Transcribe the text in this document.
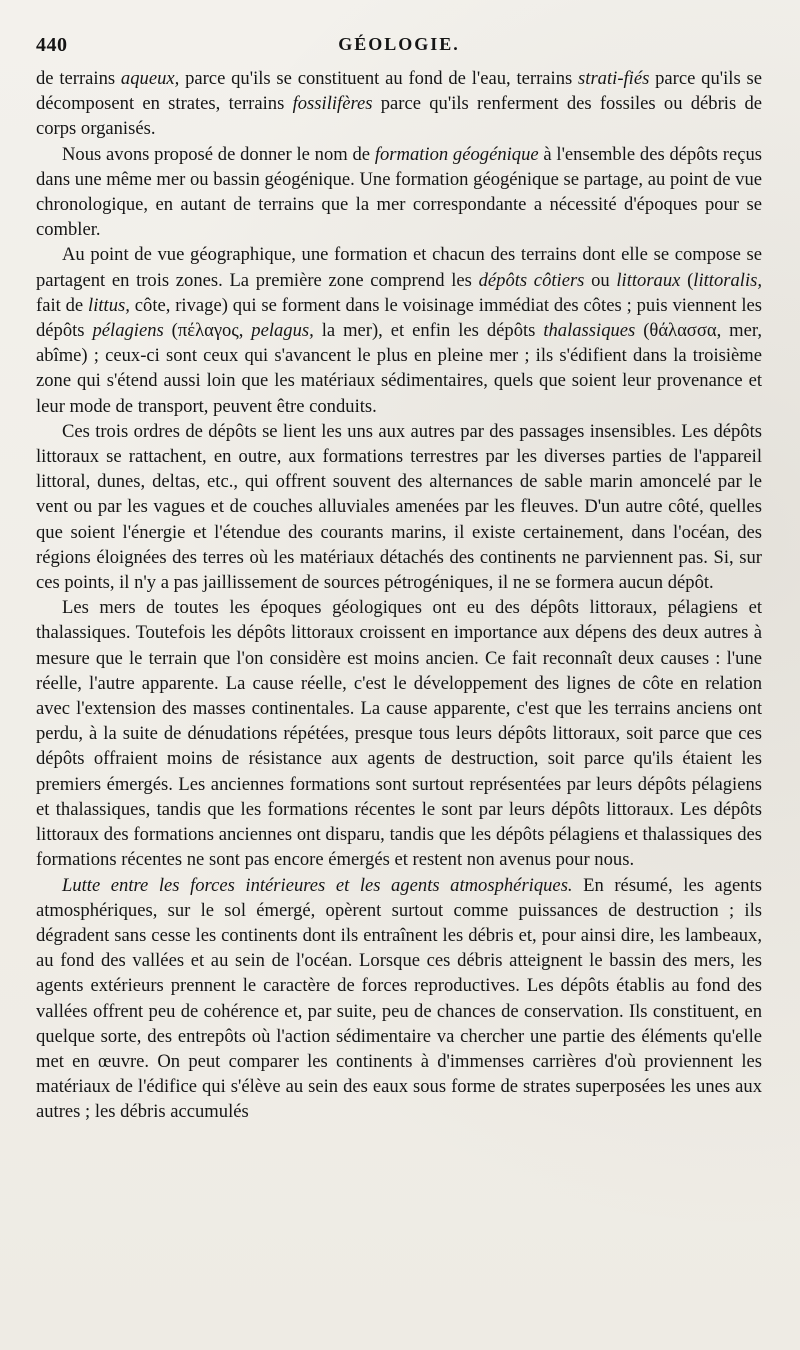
440	GÉOLOGIE.

de terrains aqueux, parce qu'ils se constituent au fond de l'eau, terrains strati-fiés parce qu'ils se décomposent en strates, terrains fossilifères parce qu'ils renferment des fossiles ou débris de corps organisés.

Nous avons proposé de donner le nom de formation géogénique à l'ensemble des dépôts reçus dans une même mer ou bassin géogénique. Une formation géogénique se partage, au point de vue chronologique, en autant de terrains que la mer correspondante a nécessité d'époques pour se combler.

Au point de vue géographique, une formation et chacun des terrains dont elle se compose se partagent en trois zones. La première zone comprend les dépôts côtiers ou littoraux (littoralis, fait de littus, côte, rivage) qui se forment dans le voisinage immédiat des côtes ; puis viennent les dépôts pélagiens (πέλαγος, pelagus, la mer), et enfin les dépôts thalassiques (θάλασσα, mer, abîme) ; ceux-ci sont ceux qui s'avancent le plus en pleine mer ; ils s'édifient dans la troisième zone qui s'étend aussi loin que les matériaux sédimentaires, quels que soient leur provenance et leur mode de transport, peuvent être conduits.

Ces trois ordres de dépôts se lient les uns aux autres par des passages insensibles. Les dépôts littoraux se rattachent, en outre, aux formations terrestres par les diverses parties de l'appareil littoral, dunes, deltas, etc., qui offrent souvent des alternances de sable marin amoncelé par le vent ou par les vagues et de couches alluviales amenées par les fleuves. D'un autre côté, quelles que soient l'énergie et l'étendue des courants marins, il existe certainement, dans l'océan, des régions éloignées des terres où les matériaux détachés des continents ne parviennent pas. Si, sur ces points, il n'y a pas jaillissement de sources pétrogéniques, il ne se formera aucun dépôt.

Les mers de toutes les époques géologiques ont eu des dépôts littoraux, pélagiens et thalassiques. Toutefois les dépôts littoraux croissent en importance aux dépens des deux autres à mesure que le terrain que l'on considère est moins ancien. Ce fait reconnaît deux causes : l'une réelle, l'autre apparente. La cause réelle, c'est le développement des lignes de côte en relation avec l'extension des masses continentales. La cause apparente, c'est que les terrains anciens ont perdu, à la suite de dénudations répétées, presque tous leurs dépôts littoraux, soit parce que ces dépôts offraient moins de résistance aux agents de destruction, soit parce qu'ils étaient les premiers émergés. Les anciennes formations sont surtout représentées par leurs dépôts pélagiens et thalassiques, tandis que les formations récentes le sont par leurs dépôts littoraux. Les dépôts littoraux des formations anciennes ont disparu, tandis que les dépôts pélagiens et thalassiques des formations récentes ne sont pas encore émergés et restent non avenus pour nous.

Lutte entre les forces intérieures et les agents atmosphériques. En résumé, les agents atmosphériques, sur le sol émergé, opèrent surtout comme puissances de destruction ; ils dégradent sans cesse les continents dont ils entraînent les débris et, pour ainsi dire, les lambeaux, au fond des vallées et au sein de l'océan. Lorsque ces débris atteignent le bassin des mers, les agents extérieurs prennent le caractère de forces reproductives. Les dépôts établis au fond des vallées offrent peu de cohérence et, par suite, peu de chances de conservation. Ils constituent, en quelque sorte, des entrepôts où l'action sédimentaire va chercher une partie des éléments qu'elle met en œuvre. On peut comparer les continents à d'immenses carrières d'où proviennent les matériaux de l'édifice qui s'élève au sein des eaux sous forme de strates superposées les unes aux autres ; les débris accumulés
